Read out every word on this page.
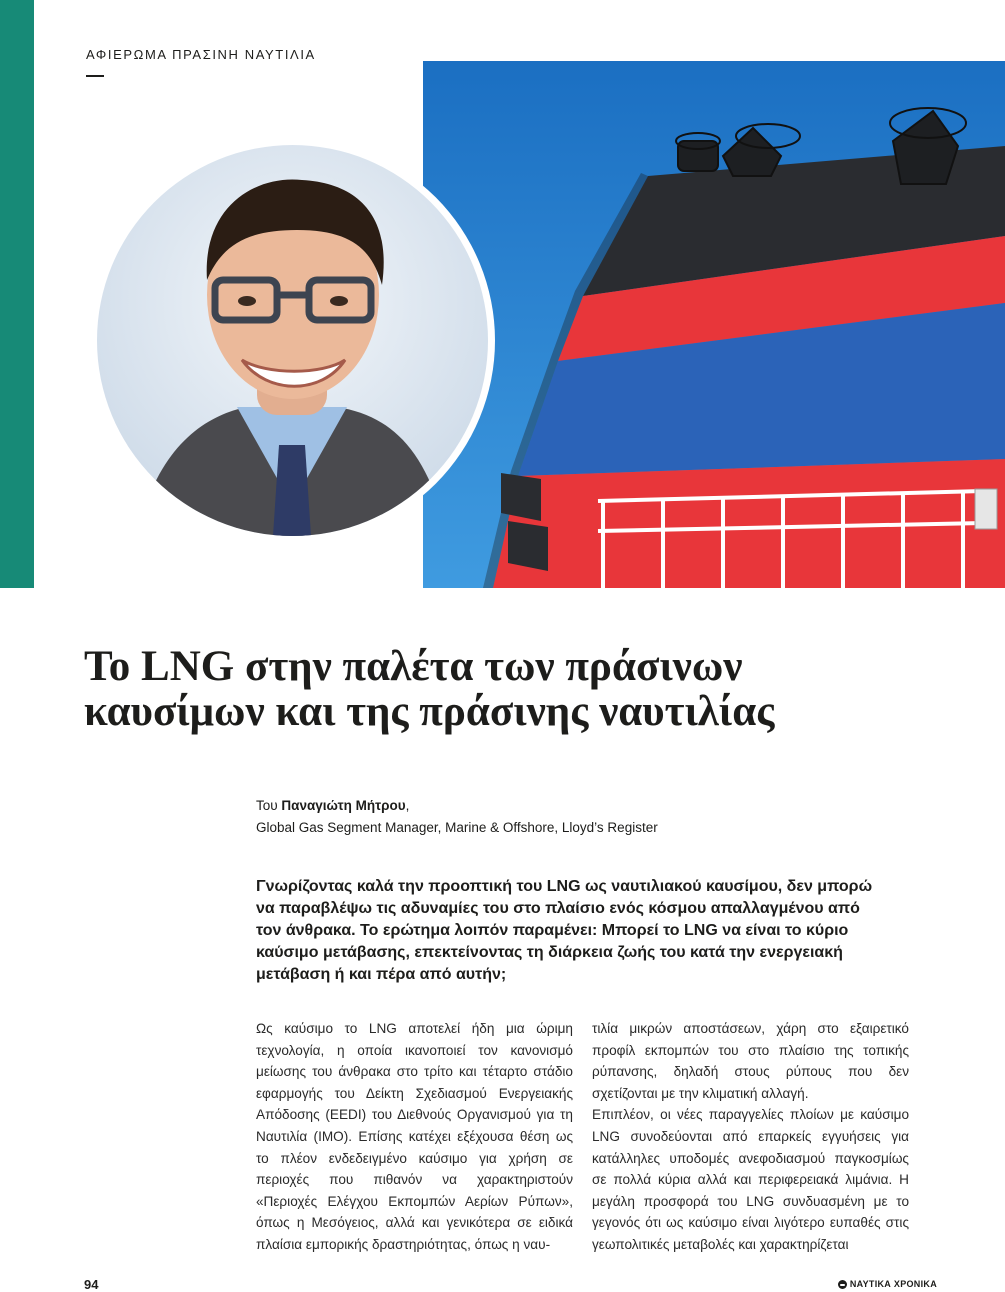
ΑΦΙΕΡΩΜΑ ΠΡΑΣΙΝΗ ΝΑΥΤΙΛΙΑ
Το LNG στην παλέτα των πράσινων
καυσίμων και της πράσινης ναυτιλίας
Του Παναγιώτη Μήτρου,
Global Gas Segment Manager, Marine & Offshore, Lloyd’s Register

Γνωρίζοντας καλά την προοπτική του LNG ως ναυτιλιακού καυσίμου, δεν μπορώ να παραβλέψω τις αδυναμίες του στο πλαίσιο ενός κόσμου απαλλαγμένου από τον άνθρακα. Το ερώτημα λοιπόν παραμένει: Μπορεί το LNG να είναι το κύριο καύσιμο μετάβασης, επεκτείνοντας τη διάρκεια ζωής του κατά την ενεργειακή μετάβαση ή και πέρα από αυτήν;

Ως καύσιμο το LNG αποτελεί ήδη μια ώριμη τεχνολογία, η οποία ικανοποιεί τον κανονισμό μείωσης του άνθρακα στο τρίτο και τέταρτο στάδιο εφαρμογής του Δείκτη Σχεδιασμού Ενεργειακής Απόδοσης (EEDI) του Διεθνούς Οργανισμού για τη Ναυτιλία (IMO). Επίσης κατέχει εξέχουσα θέση ως το πλέον ενδεδειγμένο καύσιμο για χρήση σε περιοχές που πιθανόν να χαρακτηριστούν «Περιοχές Ελέγχου Εκπομπών Αερίων Ρύπων», όπως η Μεσόγειος, αλλά και γενικότερα σε ειδικά πλαίσια εμπορικής δραστηριότητας, όπως η ναυ-

τιλία μικρών αποστάσεων, χάρη στο εξαιρετικό προφίλ εκπομπών του στο πλαίσιο της τοπικής ρύπανσης, δηλαδή στους ρύπους που δεν σχετίζονται με την κλιματική αλλαγή.

Επιπλέον, οι νέες παραγγελίες πλοίων με καύσιμο LNG συνοδεύονται από επαρκείς εγγυήσεις για κατάλληλες υποδομές ανεφοδιασμού παγκοσμίως σε πολλά κύρια αλλά και περιφερειακά λιμάνια. Η μεγάλη προσφορά του LNG συνδυασμένη με το γεγονός ότι ως καύσιμο είναι λιγότερο ευπαθές στις γεωπολιτικές μεταβολές και χαρακτηρίζεται

94	ΝΑΥΤΙΚΑ ΧΡΟΝΙΚΑ
